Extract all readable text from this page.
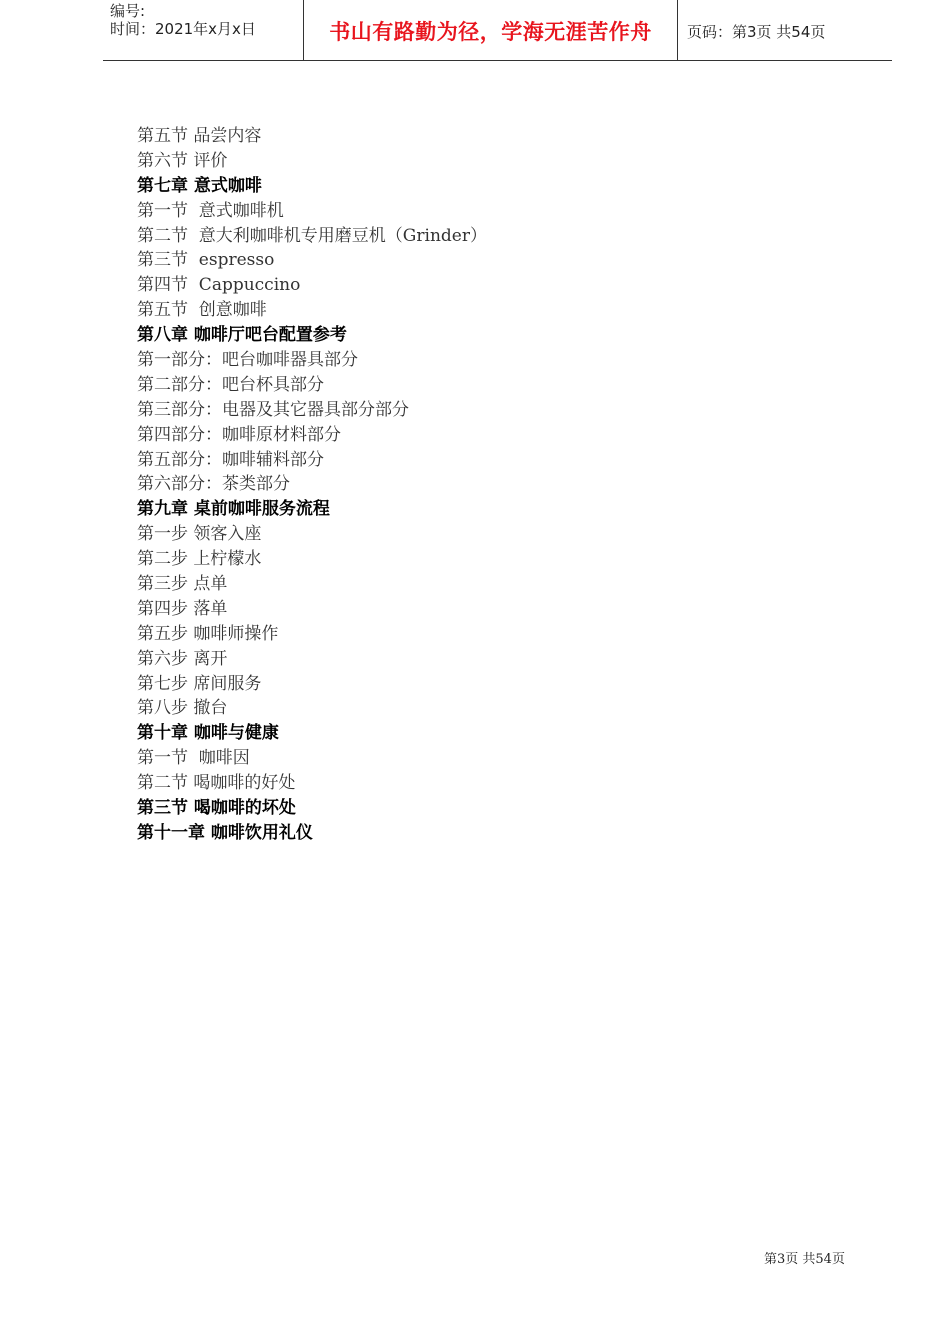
编号:
时间：2021年x月x日	书山有路勤为径，学海无涯苦作舟	页码：第3页 共54页
第五节 品尝内容
第六节 评价
第七章 意式咖啡
第一节  意式咖啡机
第二节  意大利咖啡机专用磨豆机（Grinder）
第三节  espresso
第四节  Cappuccino
第五节  创意咖啡
第八章 咖啡厅吧台配置参考
第一部分：吧台咖啡器具部分
第二部分：吧台杯具部分
第三部分：电器及其它器具部分部分
第四部分：咖啡原材料部分
第五部分：咖啡辅料部分
第六部分：茶类部分
第九章 桌前咖啡服务流程
第一步 领客入座
第二步 上柠檬水
第三步 点单
第四步 落单
第五步 咖啡师操作
第六步 离开
第七步 席间服务
第八步 撤台
第十章 咖啡与健康
第一节  咖啡因
第二节 喝咖啡的好处
第三节 喝咖啡的坏处
第十一章 咖啡饮用礼仪
第3页 共54页
